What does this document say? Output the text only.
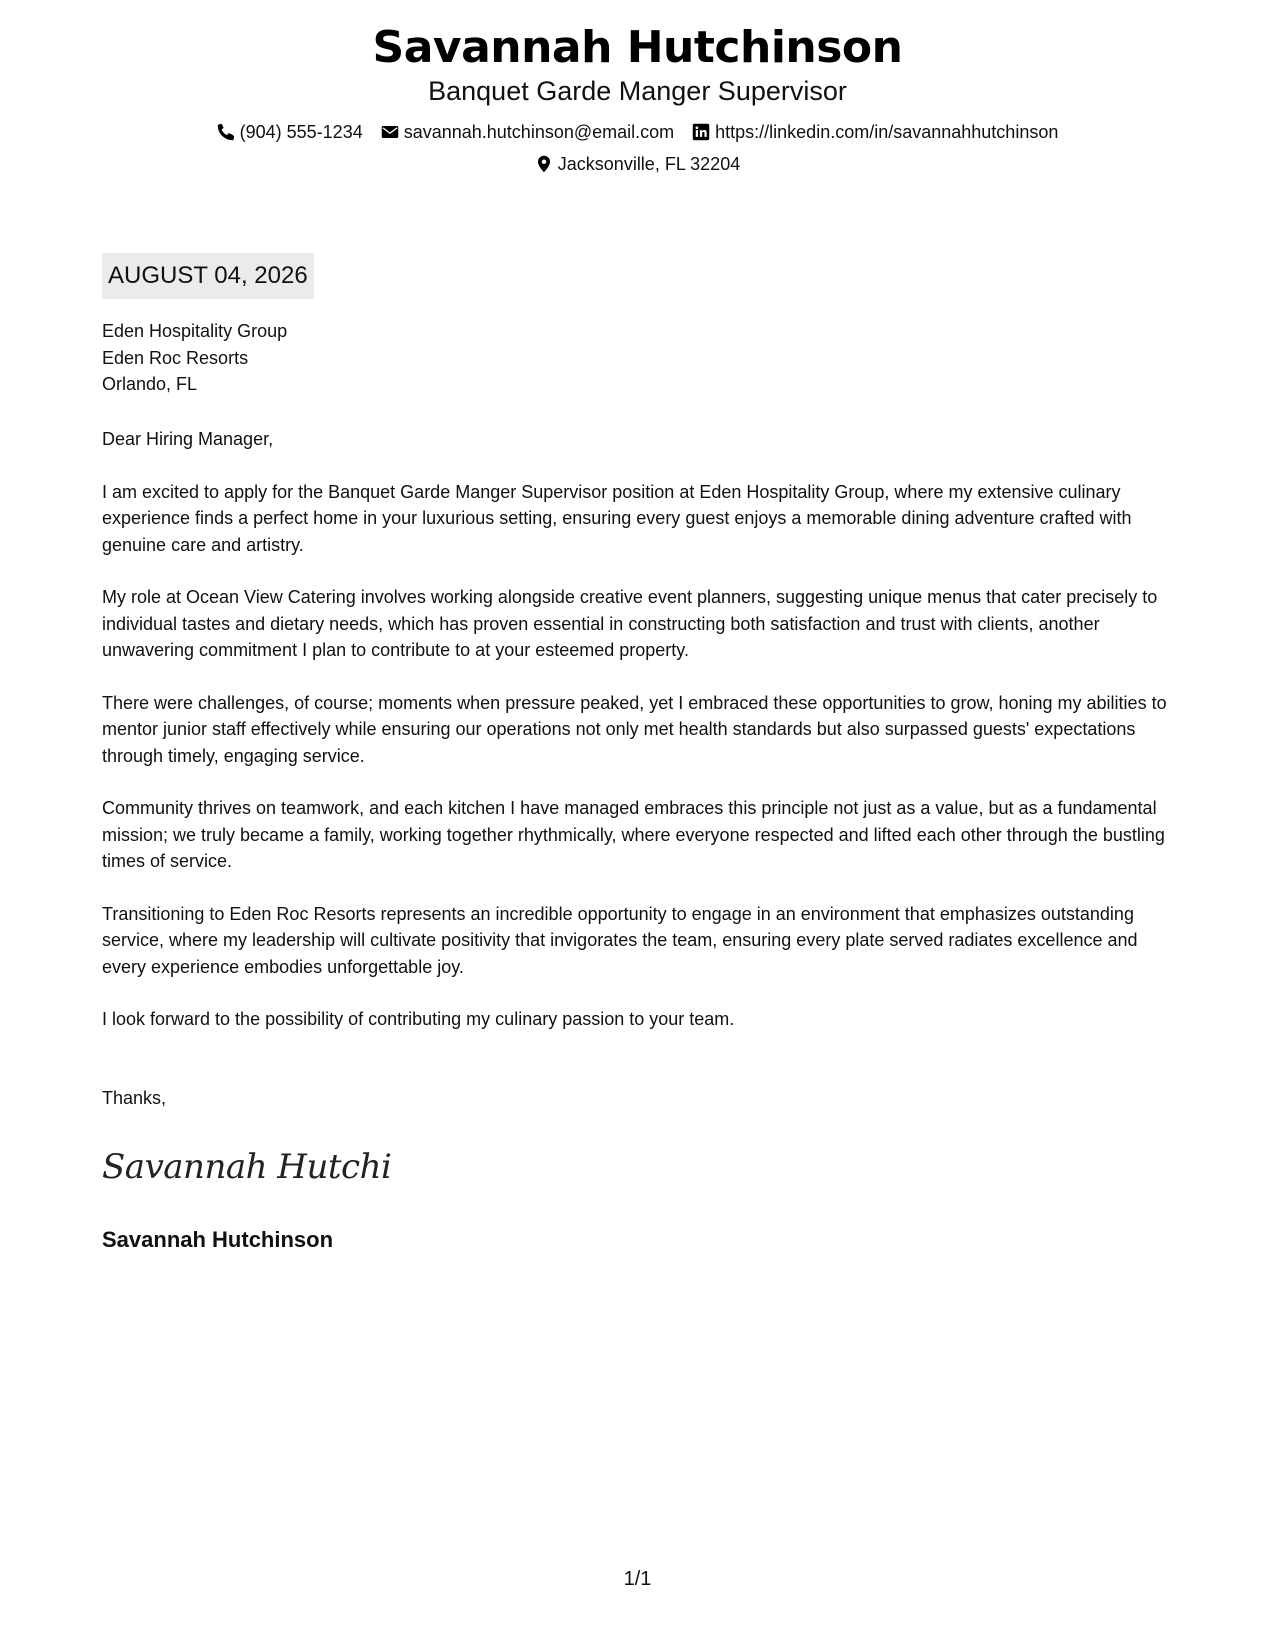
Savannah Hutchinson
Banquet Garde Manger Supervisor
(904) 555-1234 savannah.hutchinson@email.com https://linkedin.com/in/savannahhutchinson
Jacksonville, FL 32204
AUGUST 04, 2026
Eden Hospitality Group
Eden Roc Resorts
Orlando, FL

Dear Hiring Manager,

I am excited to apply for the Banquet Garde Manger Supervisor position at Eden Hospitality Group, where my extensive culinary experience finds a perfect home in your luxurious setting, ensuring every guest enjoys a memorable dining adventure crafted with genuine care and artistry.

My role at Ocean View Catering involves working alongside creative event planners, suggesting unique menus that cater precisely to individual tastes and dietary needs, which has proven essential in constructing both satisfaction and trust with clients, another unwavering commitment I plan to contribute to at your esteemed property.

There were challenges, of course; moments when pressure peaked, yet I embraced these opportunities to grow, honing my abilities to mentor junior staff effectively while ensuring our operations not only met health standards but also surpassed guests' expectations through timely, engaging service.

Community thrives on teamwork, and each kitchen I have managed embraces this principle not just as a value, but as a fundamental mission; we truly became a family, working together rhythmically, where everyone respected and lifted each other through the bustling times of service.

Transitioning to Eden Roc Resorts represents an incredible opportunity to engage in an environment that emphasizes outstanding service, where my leadership will cultivate positivity that invigorates the team, ensuring every plate served radiates excellence and every experience embodies unforgettable joy.

I look forward to the possibility of contributing my culinary passion to your team.

Thanks,
Savannah Hutchi
Savannah Hutchinson
1/1
